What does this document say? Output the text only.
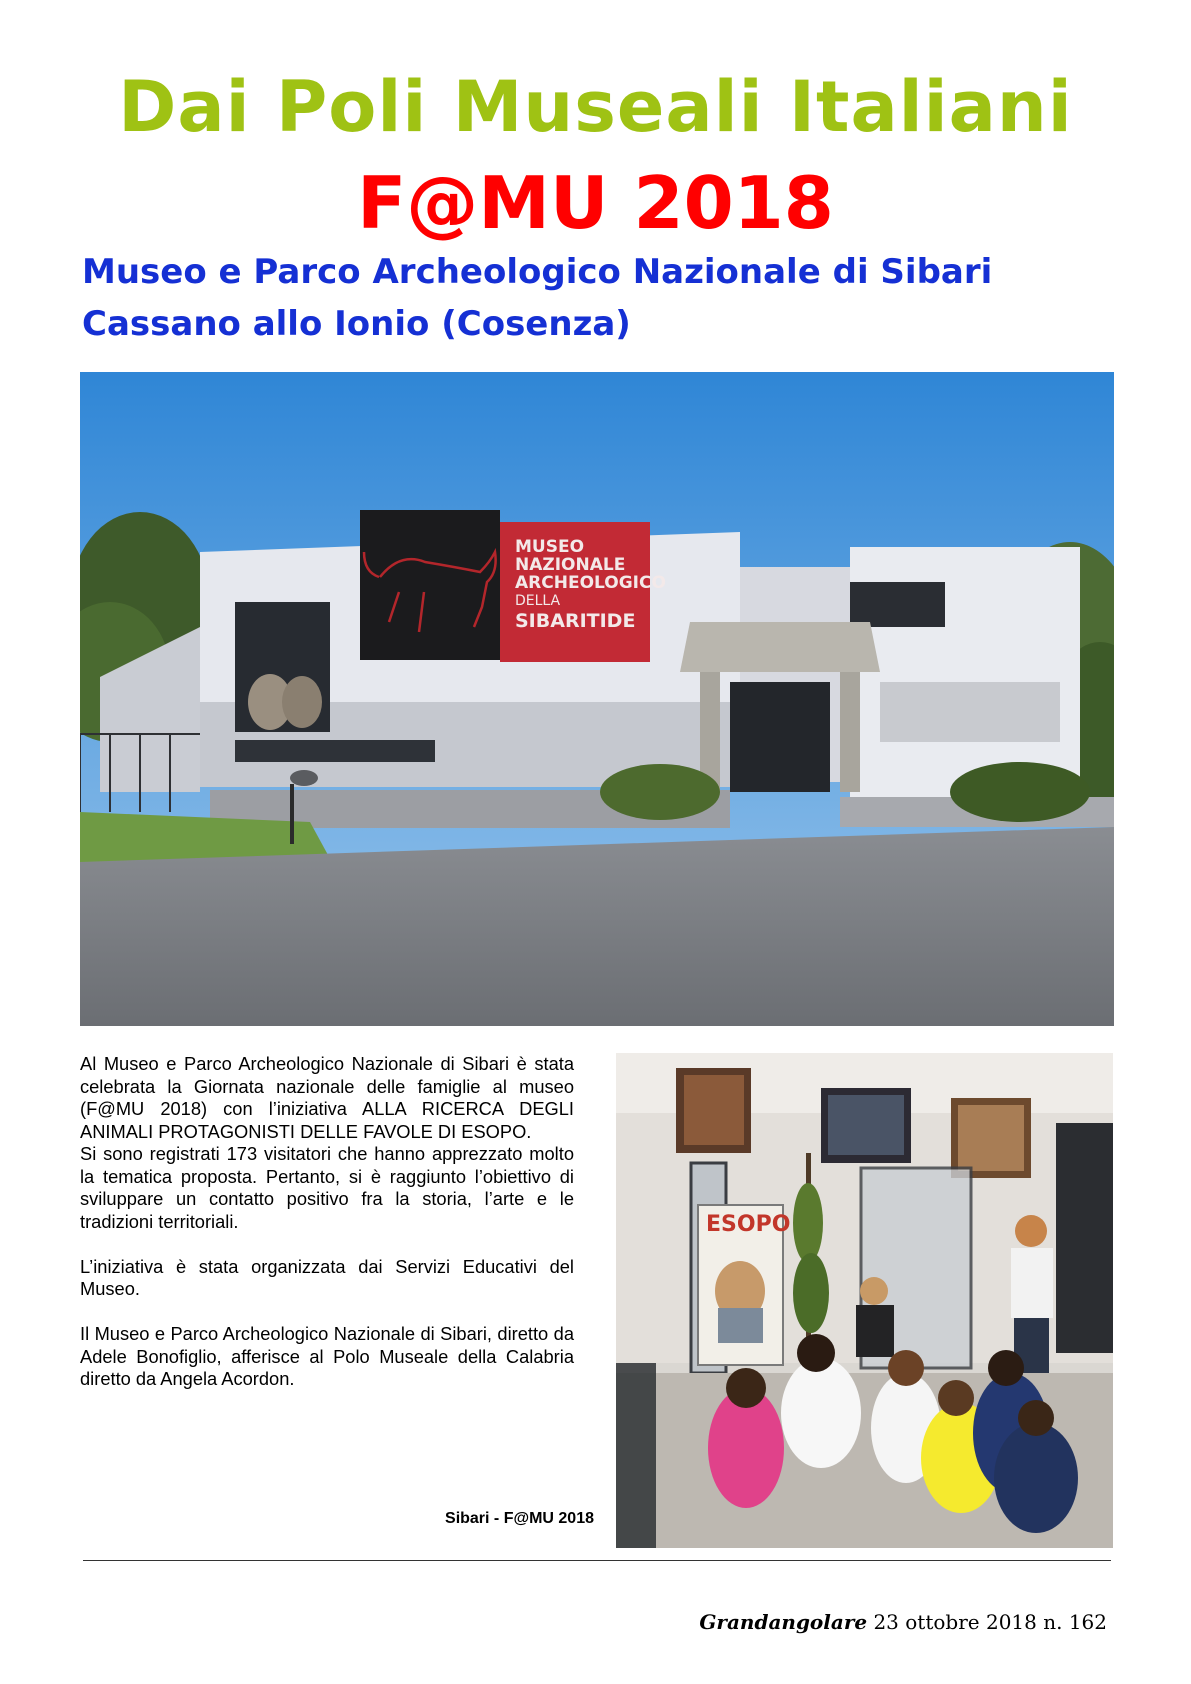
Dai Poli Museali Italiani
F@MU 2018
Museo e Parco Archeologico Nazionale di Sibari
Cassano allo Ionio (Cosenza)
MUSEO
NAZIONALE
ARCHEOLOGICO
DELLA
SIBARITIDE

Al Museo e Parco Archeologico Nazionale di Sibari è stata celebrata la Giornata nazionale delle famiglie al museo (F@MU 2018) con l’iniziativa ALLA RICERCA DEGLI ANIMALI PROTAGONISTI DELLE FAVOLE DI ESOPO.

Si sono registrati 173 visitatori che hanno apprezzato molto la tematica proposta. Pertanto, si è raggiunto l’obiettivo di sviluppare un contatto positivo fra la storia, l’arte e le tradizioni territoriali.

L’iniziativa è stata organizzata dai Servizi Educativi del Museo.

Il Museo e Parco Archeologico Nazionale di Sibari, diretto da Adele Bonofiglio, afferisce al Polo Museale della Calabria diretto da Angela Acordon.

Sibari - F@MU 2018
ESOPO
Grandangolare 23 ottobre 2018 n. 162
